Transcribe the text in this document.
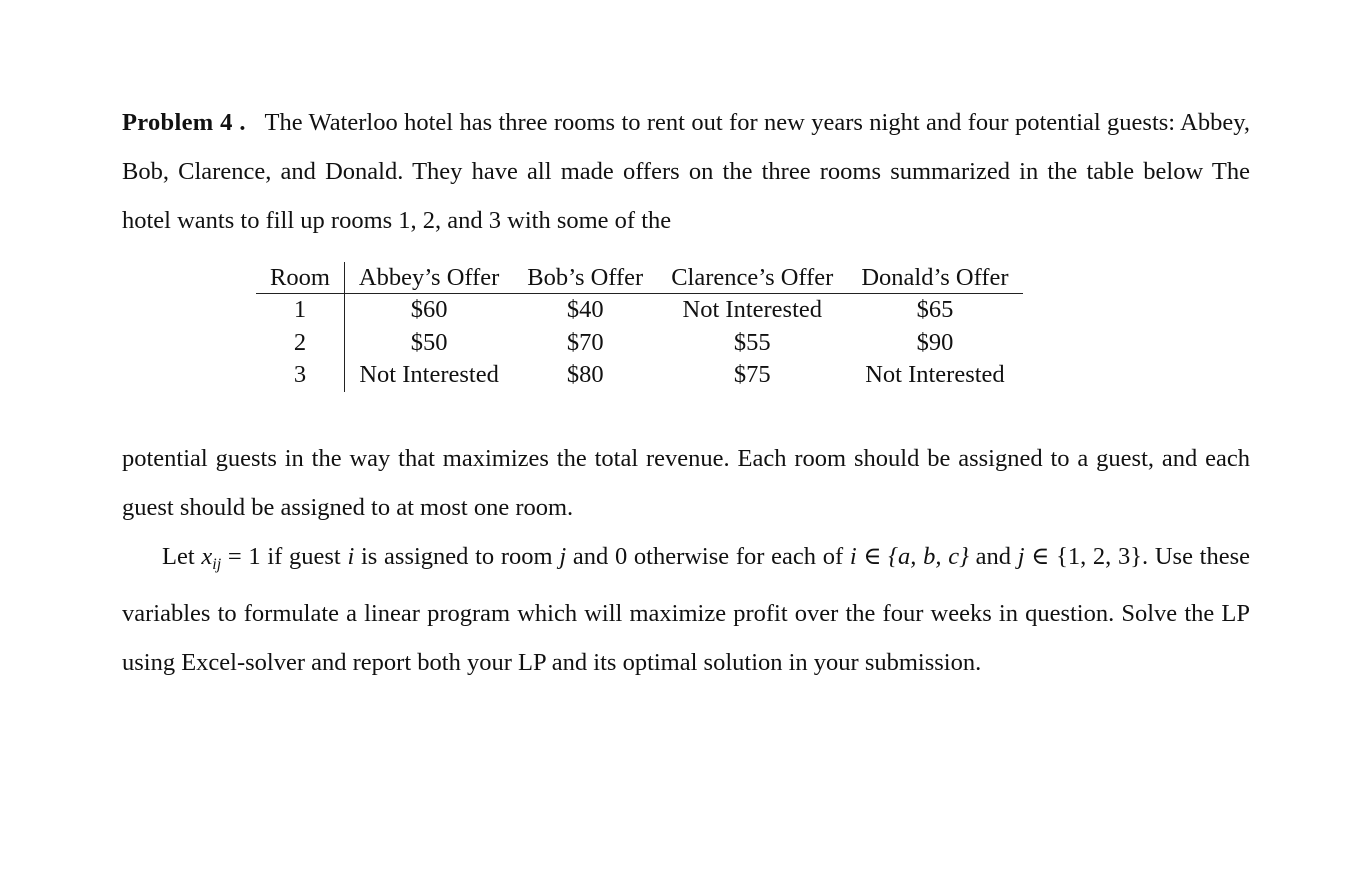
Problem 4 . The Waterloo hotel has three rooms to rent out for new years night and four potential guests: Abbey, Bob, Clarence, and Donald. They have all made offers on the three rooms summarized in the table below The hotel wants to fill up rooms 1, 2, and 3 with some of the

Room	Abbey’s Offer	Bob’s Offer	Clarence’s Offer	Donald’s Offer
1	$60	$40	Not Interested	$65
2	$50	$70	$55	$90
3	Not Interested	$80	$75	Not Interested

potential guests in the way that maximizes the total revenue. Each room should be assigned to a guest, and each guest should be assigned to at most one room.

Let $x_{ij} = 1$ if guest i is assigned to room j and 0 otherwise for each of i ∈ {a, b, c} and j ∈ {1, 2, 3}. Use these variables to formulate a linear program which will maximize profit over the four weeks in question. Solve the LP using Excel-solver and report both your LP and its optimal solution in your submission.
